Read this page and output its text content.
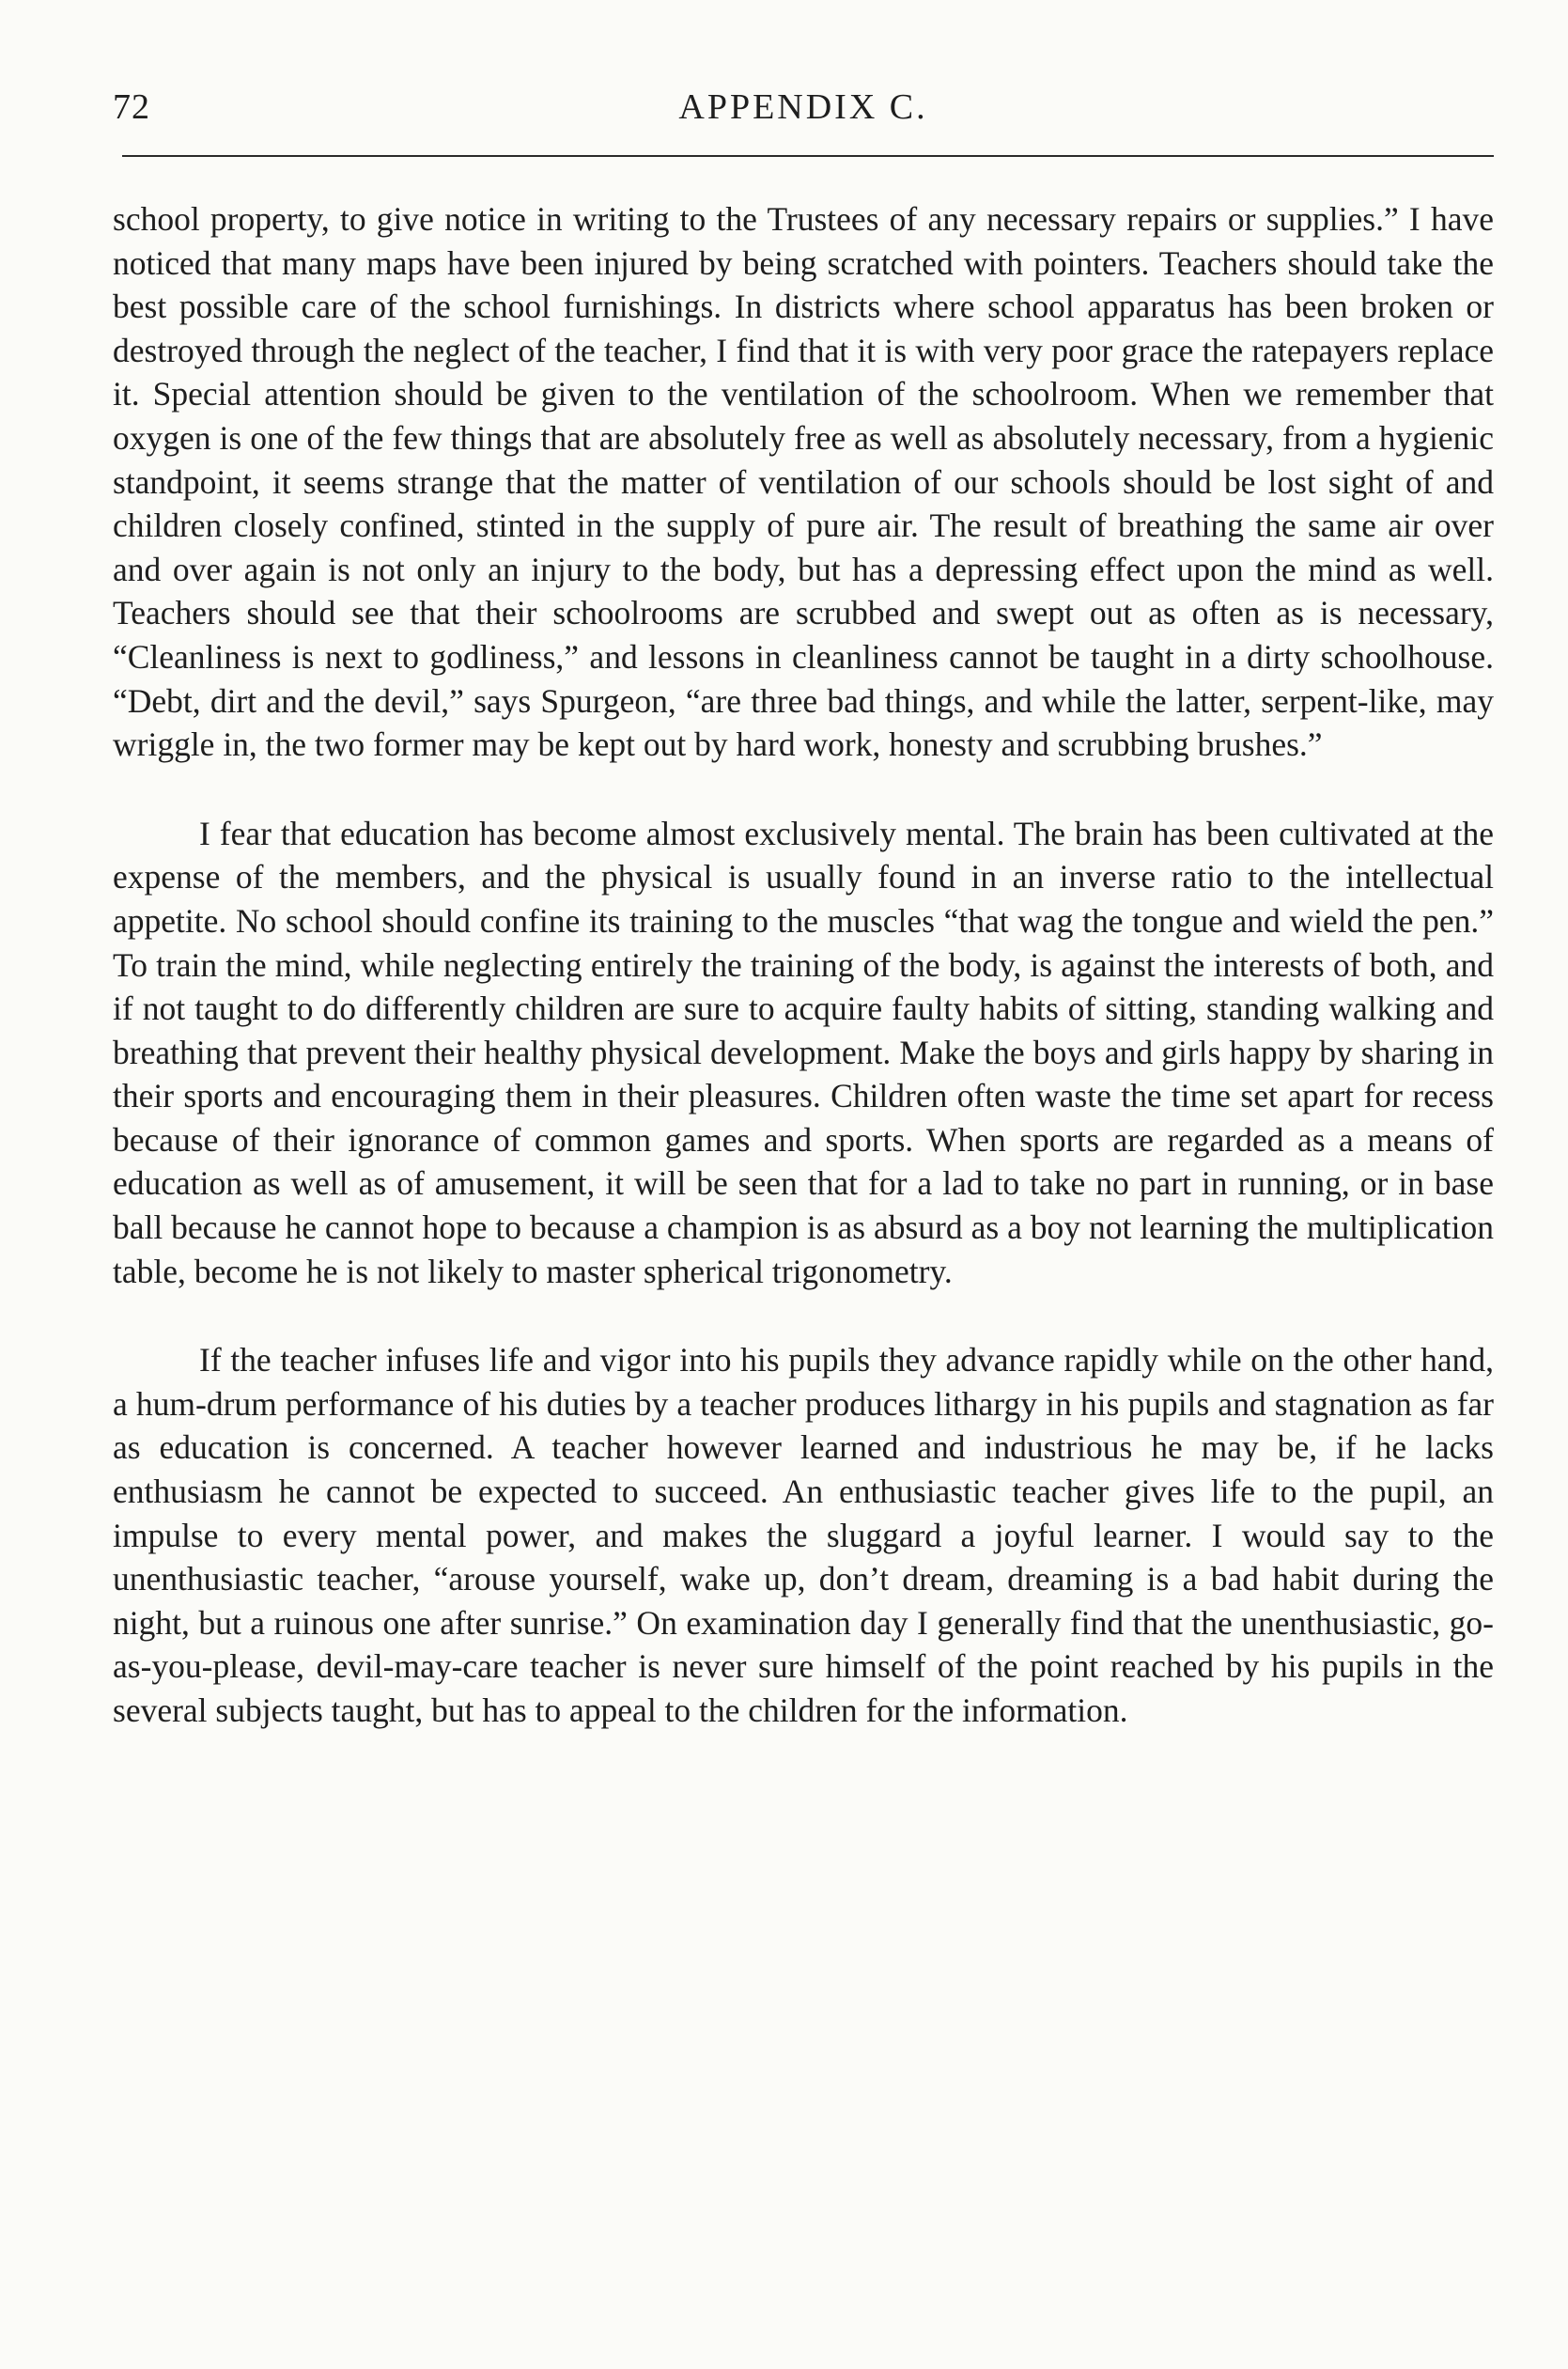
72	APPENDIX C.

school property, to give notice in writing to the Trustees of any necessary repairs or supplies.” I have noticed that many maps have been injured by being scratched with pointers. Teachers should take the best possible care of the school furnishings. In districts where school apparatus has been broken or destroyed through the neglect of the teacher, I find that it is with very poor grace the ratepayers replace it. Special attention should be given to the ventilation of the schoolroom. When we remember that oxygen is one of the few things that are absolutely free as well as absolutely necessary, from a hygienic standpoint, it seems strange that the matter of ventilation of our schools should be lost sight of and children closely confined, stinted in the supply of pure air. The result of breathing the same air over and over again is not only an injury to the body, but has a depressing effect upon the mind as well. Teachers should see that their schoolrooms are scrubbed and swept out as often as is necessary, “Cleanliness is next to godliness,” and lessons in cleanliness cannot be taught in a dirty schoolhouse. “Debt, dirt and the devil,” says Spurgeon, “are three bad things, and while the latter, serpent-like, may wriggle in, the two former may be kept out by hard work, honesty and scrubbing brushes.”

I fear that education has become almost exclusively mental. The brain has been cultivated at the expense of the members, and the physical is usually found in an inverse ratio to the intellectual appetite. No school should confine its training to the muscles “that wag the tongue and wield the pen.” To train the mind, while neglecting entirely the training of the body, is against the interests of both, and if not taught to do differently children are sure to acquire faulty habits of sitting, standing walking and breathing that prevent their healthy physical development. Make the boys and girls happy by sharing in their sports and encouraging them in their pleasures. Children often waste the time set apart for recess because of their ignorance of common games and sports. When sports are regarded as a means of education as well as of amusement, it will be seen that for a lad to take no part in running, or in base ball because he cannot hope to because a champion is as absurd as a boy not learning the multiplication table, become he is not likely to master spherical trigonometry.

If the teacher infuses life and vigor into his pupils they advance rapidly while on the other hand, a hum-drum performance of his duties by a teacher produces lithargy in his pupils and stagnation as far as education is concerned. A teacher however learned and industrious he may be, if he lacks enthusiasm he cannot be expected to succeed. An enthusiastic teacher gives life to the pupil, an impulse to every mental power, and makes the sluggard a joyful learner. I would say to the unenthusiastic teacher, “arouse yourself, wake up, don’t dream, dreaming is a bad habit during the night, but a ruinous one after sunrise.” On examination day I generally find that the unenthusiastic, go-as-you-please, devil-may-care teacher is never sure himself of the point reached by his pupils in the several subjects taught, but has to appeal to the children for the information.
